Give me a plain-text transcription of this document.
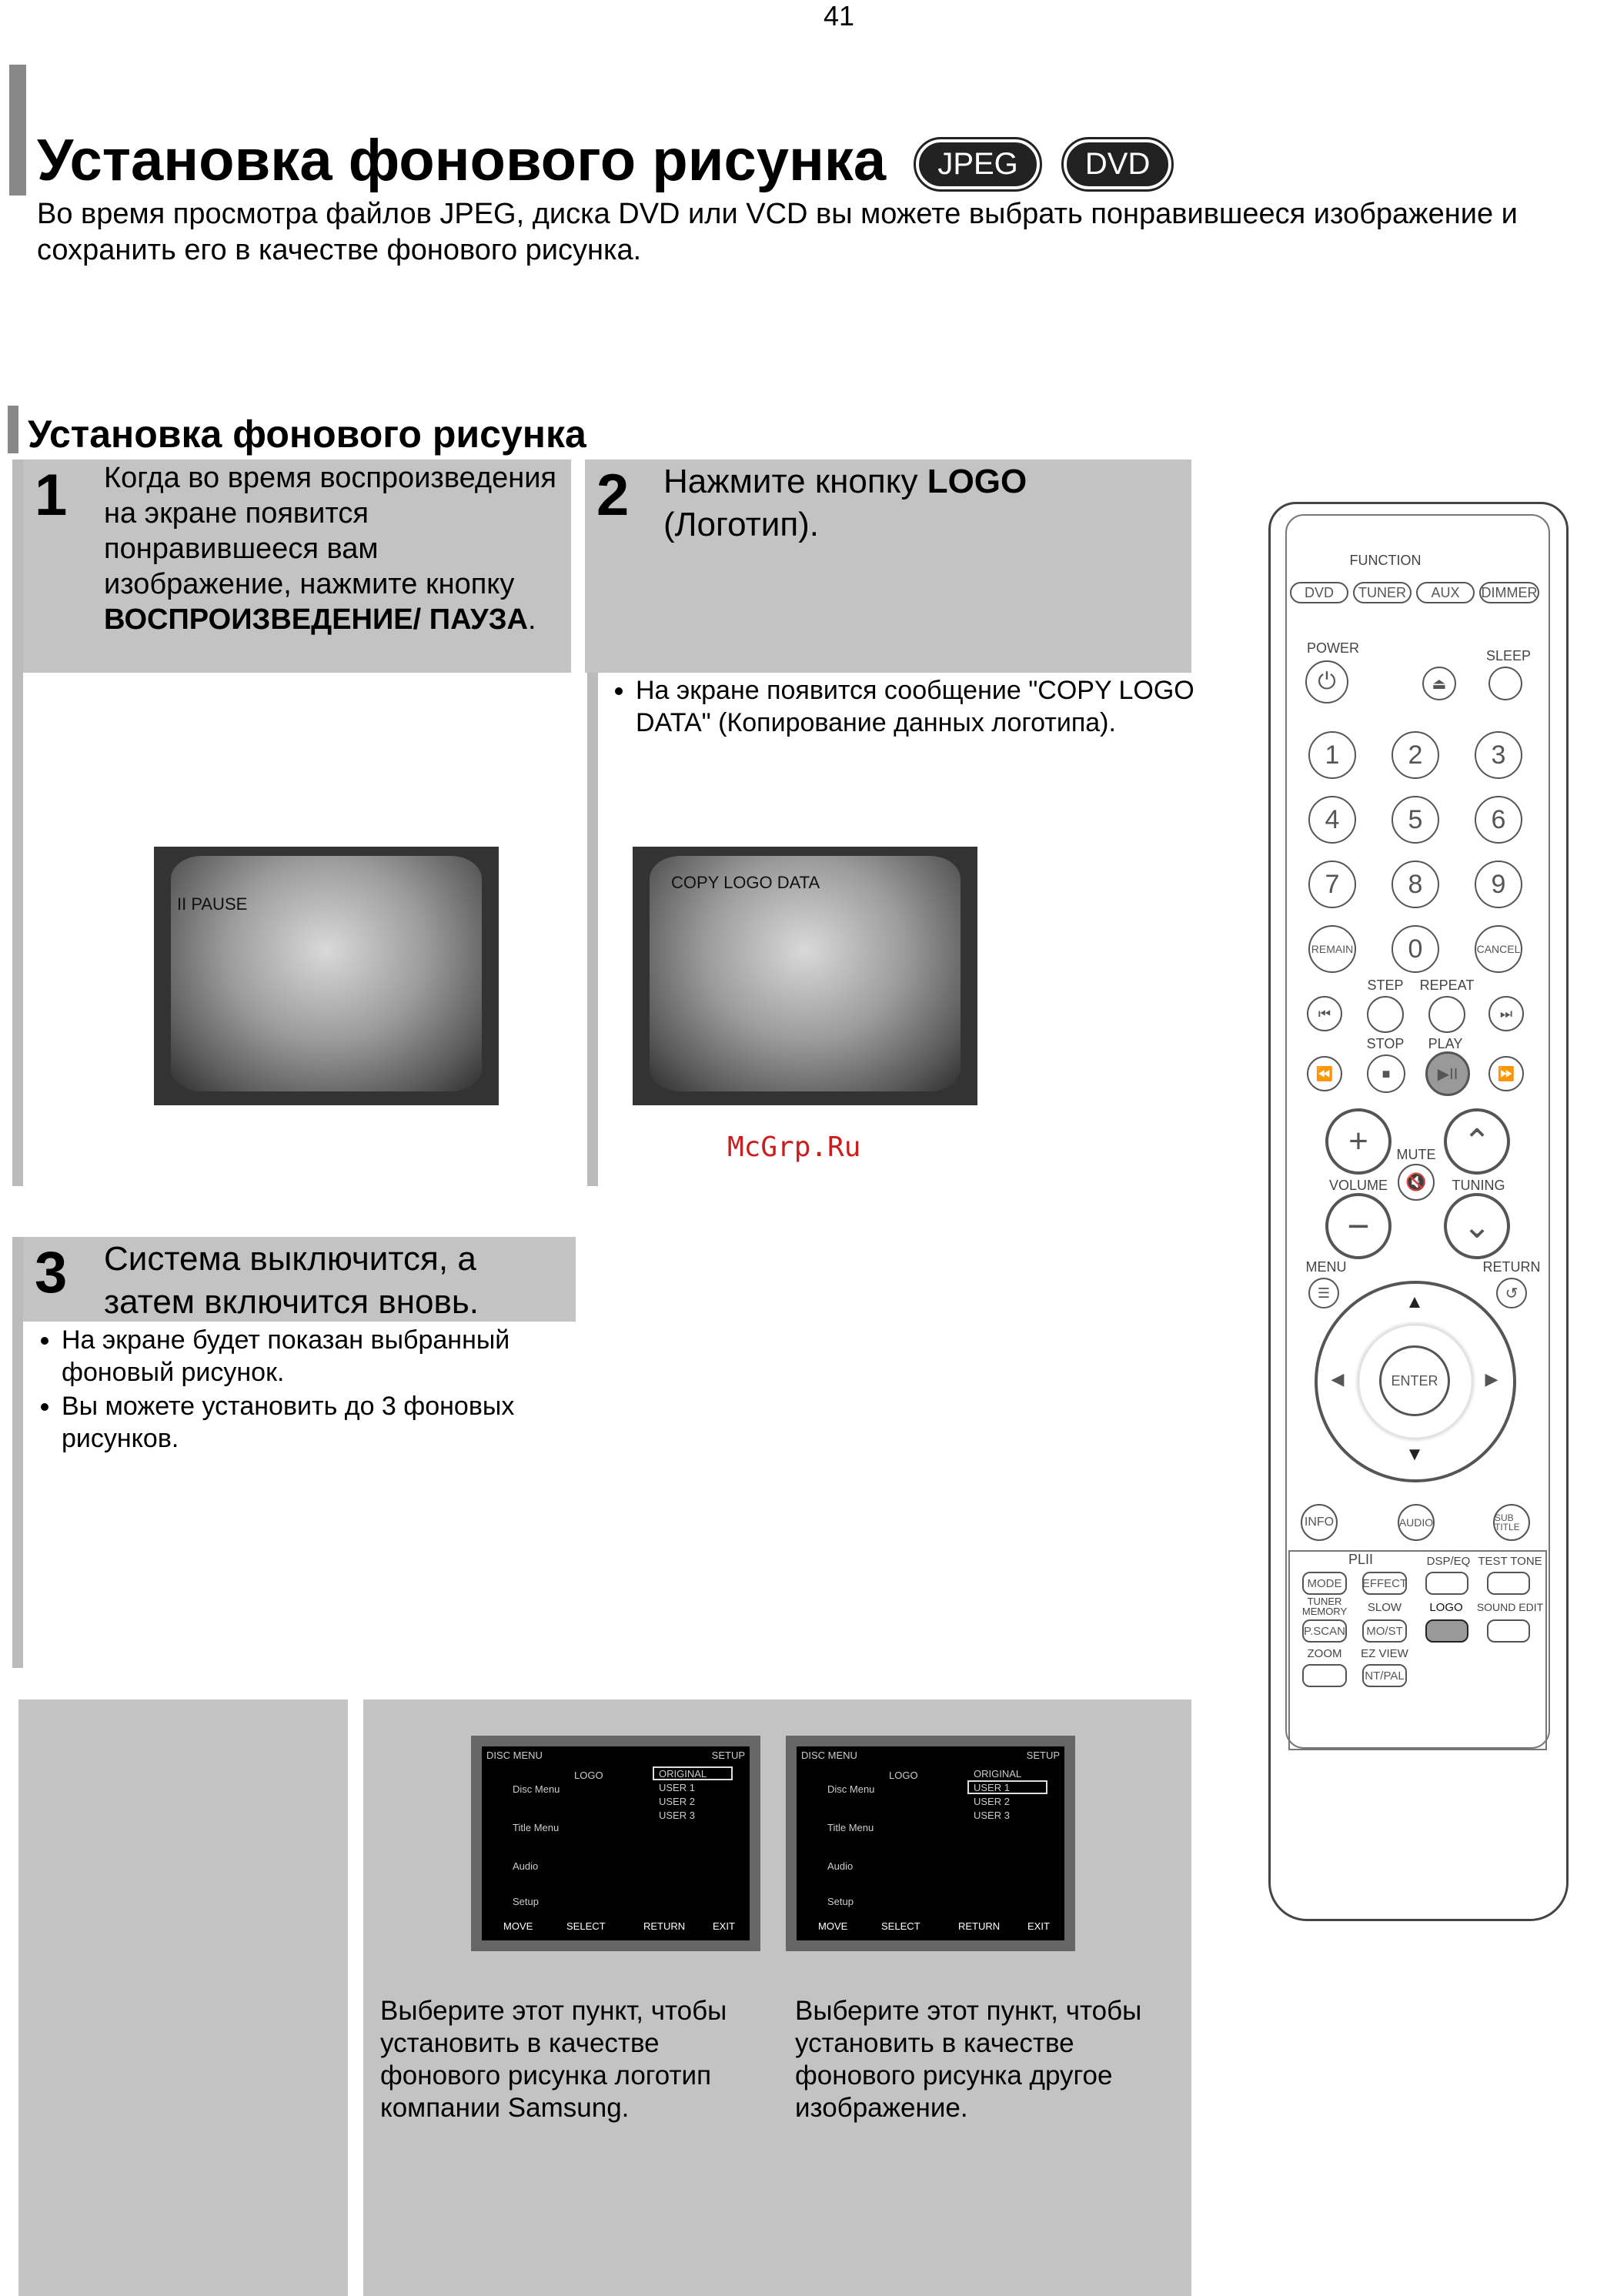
41
Установка фонового рисунка JPEG DVD
Во время просмотра файлов JPEG, диска DVD или VCD вы можете выбрать понравившееся изображение и сохранить его в качестве фонового рисунка.
Установка фонового рисунка
1 Когда во время воспроизведения на экране появится понравившееся вам изображение, нажмите кнопку ВОСПРОИЗВЕДЕНИЕ/ ПАУЗА.
II PAUSE
2 Нажмите кнопку LOGO (Логотип).
• На экране появится сообщение "COPY LOGO DATA" (Копирование данных логотипа).
COPY LOGO DATA
McGrp.Ru
3 Система выключится, а затем включится вновь.
• На экране будет показан выбранный фоновый рисунок.
• Вы можете установить до 3 фоновых рисунков.
DISC MENU	SETUP
Disc Menu
Title Menu
Audio
Setup
LOGO	ORIGINAL
USER 1
USER 2
USER 3
MOVE	SELECT	RETURN	EXIT
DISC MENU	SETUP
Disc Menu
Title Menu
Audio
Setup
LOGO	ORIGINAL
USER 1
USER 2
USER 3
MOVE	SELECT	RETURN	EXIT
Выберите этот пункт, чтобы установить в качестве фонового рисунка логотип компании Samsung.
Выберите этот пункт, чтобы установить в качестве фонового рисунка другое изображение.
FUNCTION
DVD	TUNER	AUX	DIMMER
POWER	SLEEP
⏻	⏏
1	2	3
4	5	6
7	8	9
REMAIN	0	CANCEL
STEP	REPEAT
⏮	⏭
STOP	PLAY
⏪	■	▶II	⏩
+	⌃
MUTE
🔇
VOLUME	TUNING
−	⌄
MENU	RETURN
☰	↺
▲
▼
◀	▶
ENTER
INFO	AUDIO	SUB TITLE
PLII	DSP/EQ TEST TONE
MODE	EFFECT
TUNER MEMORY	SLOW	LOGO	SOUND EDIT
P.SCAN	MO/ST
ZOOM	EZ VIEW
NT/PAL
